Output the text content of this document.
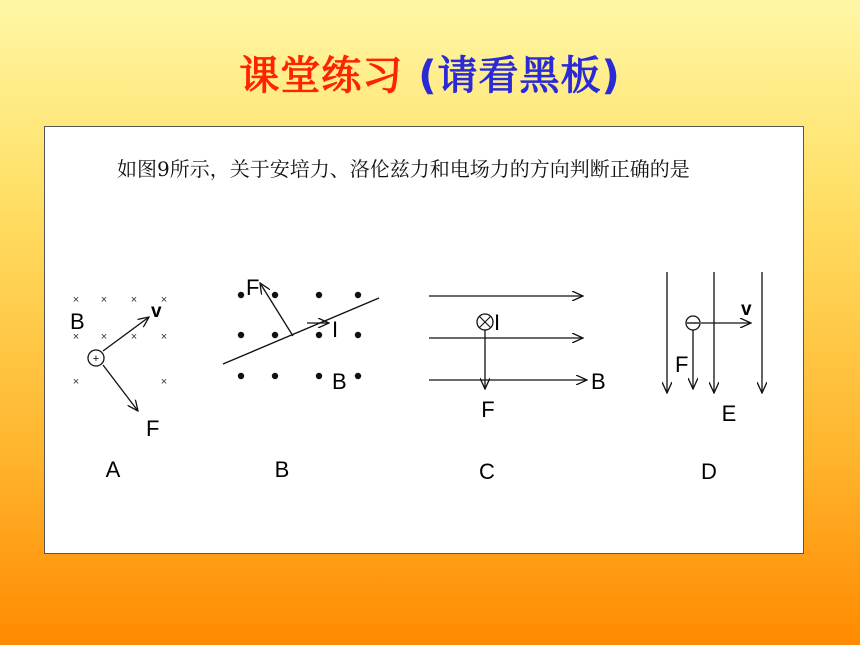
课堂练习 (请看黑板)
如图9所示，关于安培力、洛伦兹力和电场力的方向判断正确的是
× × × ×
× × × ×
×	×
B
+
v
F
A
F
I
B
B
I
B
F
C
v
F
E
D
